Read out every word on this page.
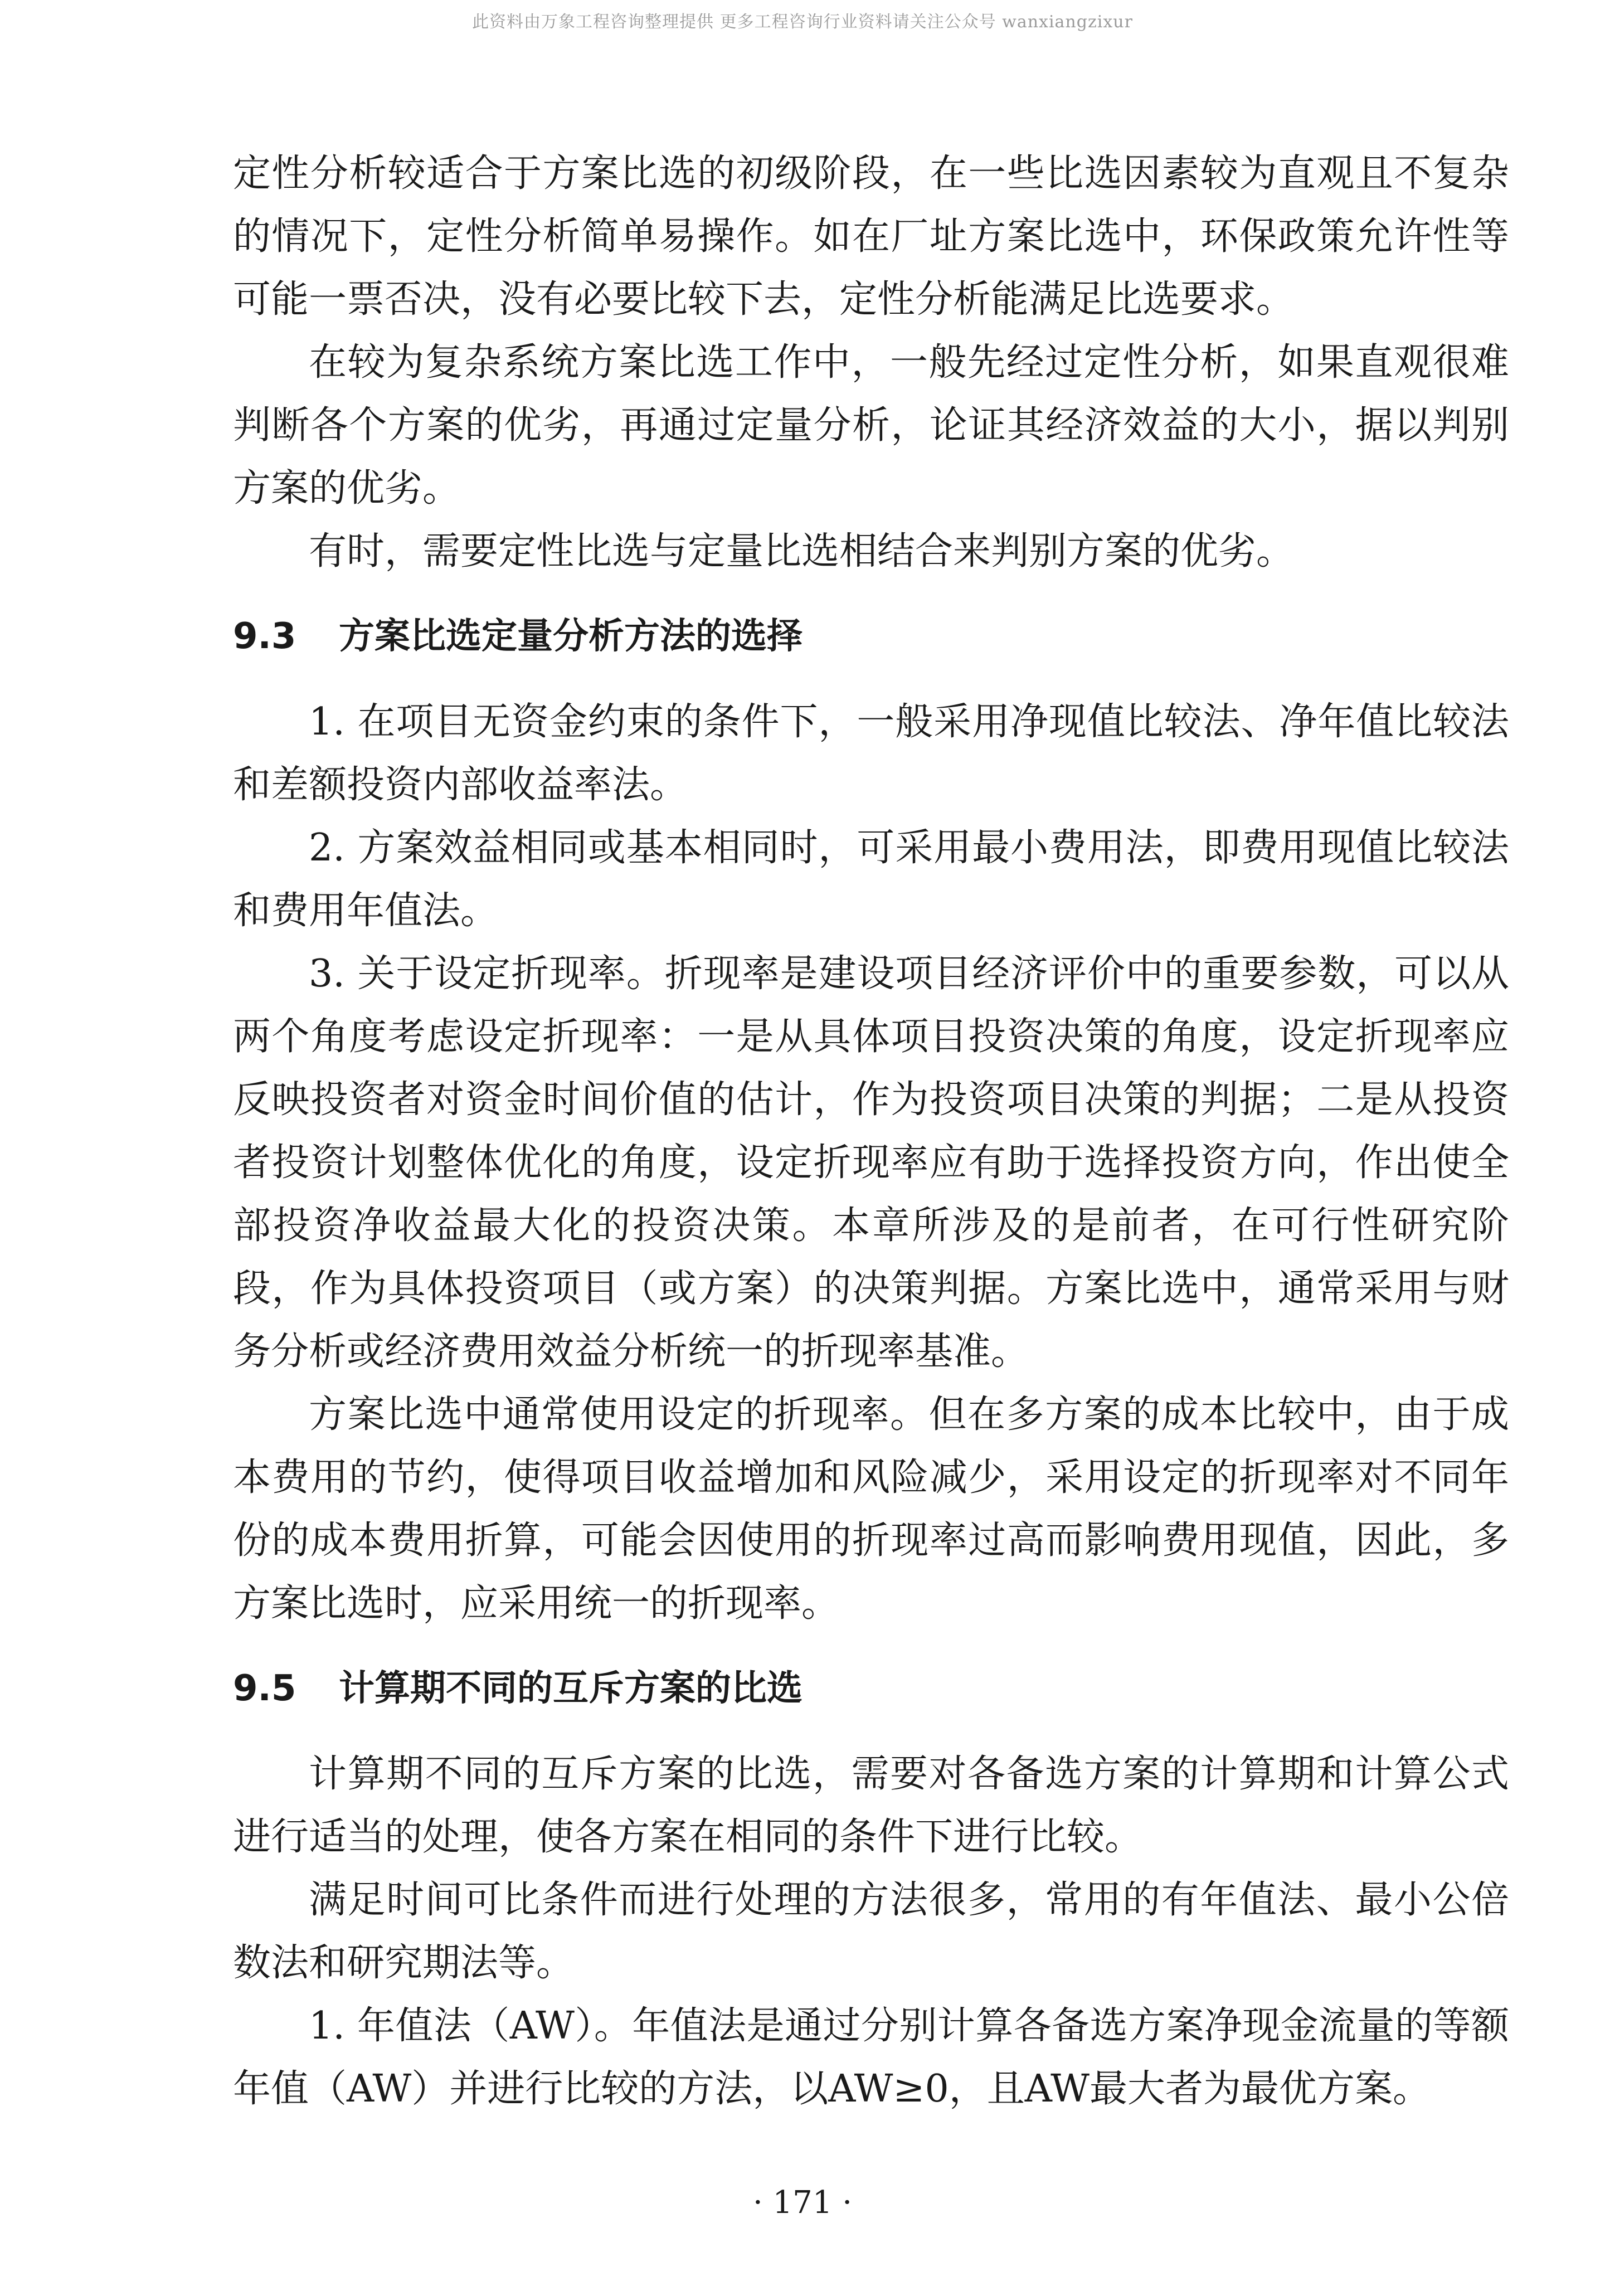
此资料由万象工程咨询整理提供 更多工程咨询行业资料请关注公众号 wanxiangzixur

定性分析较适合于方案比选的初级阶段，在一些比选因素较为直观且不复杂的情况下，定性分析简单易操作。如在厂址方案比选中，环保政策允许性等可能一票否决，没有必要比较下去，定性分析能满足比选要求。

在较为复杂系统方案比选工作中，一般先经过定性分析，如果直观很难判断各个方案的优劣，再通过定量分析，论证其经济效益的大小，据以判别方案的优劣。

有时，需要定性比选与定量比选相结合来判别方案的优劣。

9.3 方案比选定量分析方法的选择

1. 在项目无资金约束的条件下，一般采用净现值比较法、净年值比较法和差额投资内部收益率法。

2. 方案效益相同或基本相同时，可采用最小费用法，即费用现值比较法和费用年值法。

3. 关于设定折现率。折现率是建设项目经济评价中的重要参数，可以从两个角度考虑设定折现率：一是从具体项目投资决策的角度，设定折现率应反映投资者对资金时间价值的估计，作为投资项目决策的判据；二是从投资者投资计划整体优化的角度，设定折现率应有助于选择投资方向，作出使全部投资净收益最大化的投资决策。本章所涉及的是前者，在可行性研究阶段，作为具体投资项目（或方案）的决策判据。方案比选中，通常采用与财务分析或经济费用效益分析统一的折现率基准。

方案比选中通常使用设定的折现率。但在多方案的成本比较中，由于成本费用的节约，使得项目收益增加和风险减少，采用设定的折现率对不同年份的成本费用折算，可能会因使用的折现率过高而影响费用现值，因此，多方案比选时，应采用统一的折现率。

9.5 计算期不同的互斥方案的比选

计算期不同的互斥方案的比选，需要对各备选方案的计算期和计算公式进行适当的处理，使各方案在相同的条件下进行比较。

满足时间可比条件而进行处理的方法很多，常用的有年值法、最小公倍数法和研究期法等。

1. 年值法（AW）。年值法是通过分别计算各备选方案净现金流量的等额年值（AW）并进行比较的方法，以AW≥0，且AW最大者为最优方案。

· 171 ·
